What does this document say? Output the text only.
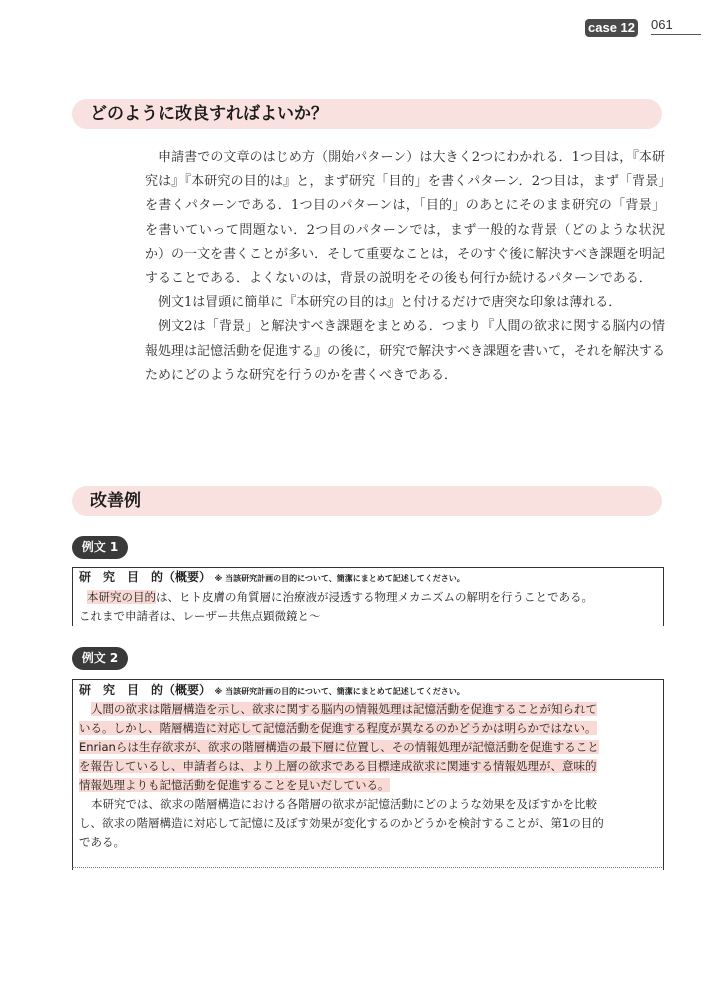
case 12 061
どのように改良すればよいか？

申請書での文章のはじめ方（開始パターン）は大きく2つにわかれる．1つ目は，『本研究は』『本研究の目的は』と，まず研究「目的」を書くパターン．2つ目は，まず「背景」を書くパターンである．1つ目のパターンは，「目的」のあとにそのまま研究の「背景」を書いていって問題ない．2つ目のパターンでは，まず一般的な背景（どのような状況か）の一文を書くことが多い．そして重要なことは，そのすぐ後に解決すべき課題を明記することである．よくないのは，背景の説明をその後も何行か続けるパターンである．

例文1は冒頭に簡単に『本研究の目的は』と付けるだけで唐突な印象は薄れる．

例文2は「背景」と解決すべき課題をまとめる．つまり『人間の欲求に関する脳内の情報処理は記憶活動を促進する』の後に，研究で解決すべき課題を書いて，それを解決するためにどのような研究を行うのかを書くべきである．

改善例
例文 1
研　究　目　的（概要） ※ 当該研究計画の目的について、簡潔にまとめて記述してください。
本研究の目的は、ヒト皮膚の角質層に治療液が浸透する物理メカニズムの解明を行うことである。
これまで申請者は、レーザー共焦点顕微鏡と～
例文 2
研　究　目　的（概要） ※ 当該研究計画の目的について、簡潔にまとめて記述してください。
人間の欲求は階層構造を示し、欲求に関する脳内の情報処理は記憶活動を促進することが知られて
いる。しかし、階層構造に対応して記憶活動を促進する程度が異なるのかどうかは明らかではない。
Enrianらは生存欲求が、欲求の階層構造の最下層に位置し、その情報処理が記憶活動を促進すること
を報告しているし、申請者らは、より上層の欲求である目標達成欲求に関連する情報処理が、意味的
情報処理よりも記憶活動を促進することを見いだしている。
本研究では、欲求の階層構造における各階層の欲求が記憶活動にどのような効果を及ぼすかを比較
し、欲求の階層構造に対応して記憶に及ぼす効果が変化するのかどうかを検討することが、第1の目的
である。
